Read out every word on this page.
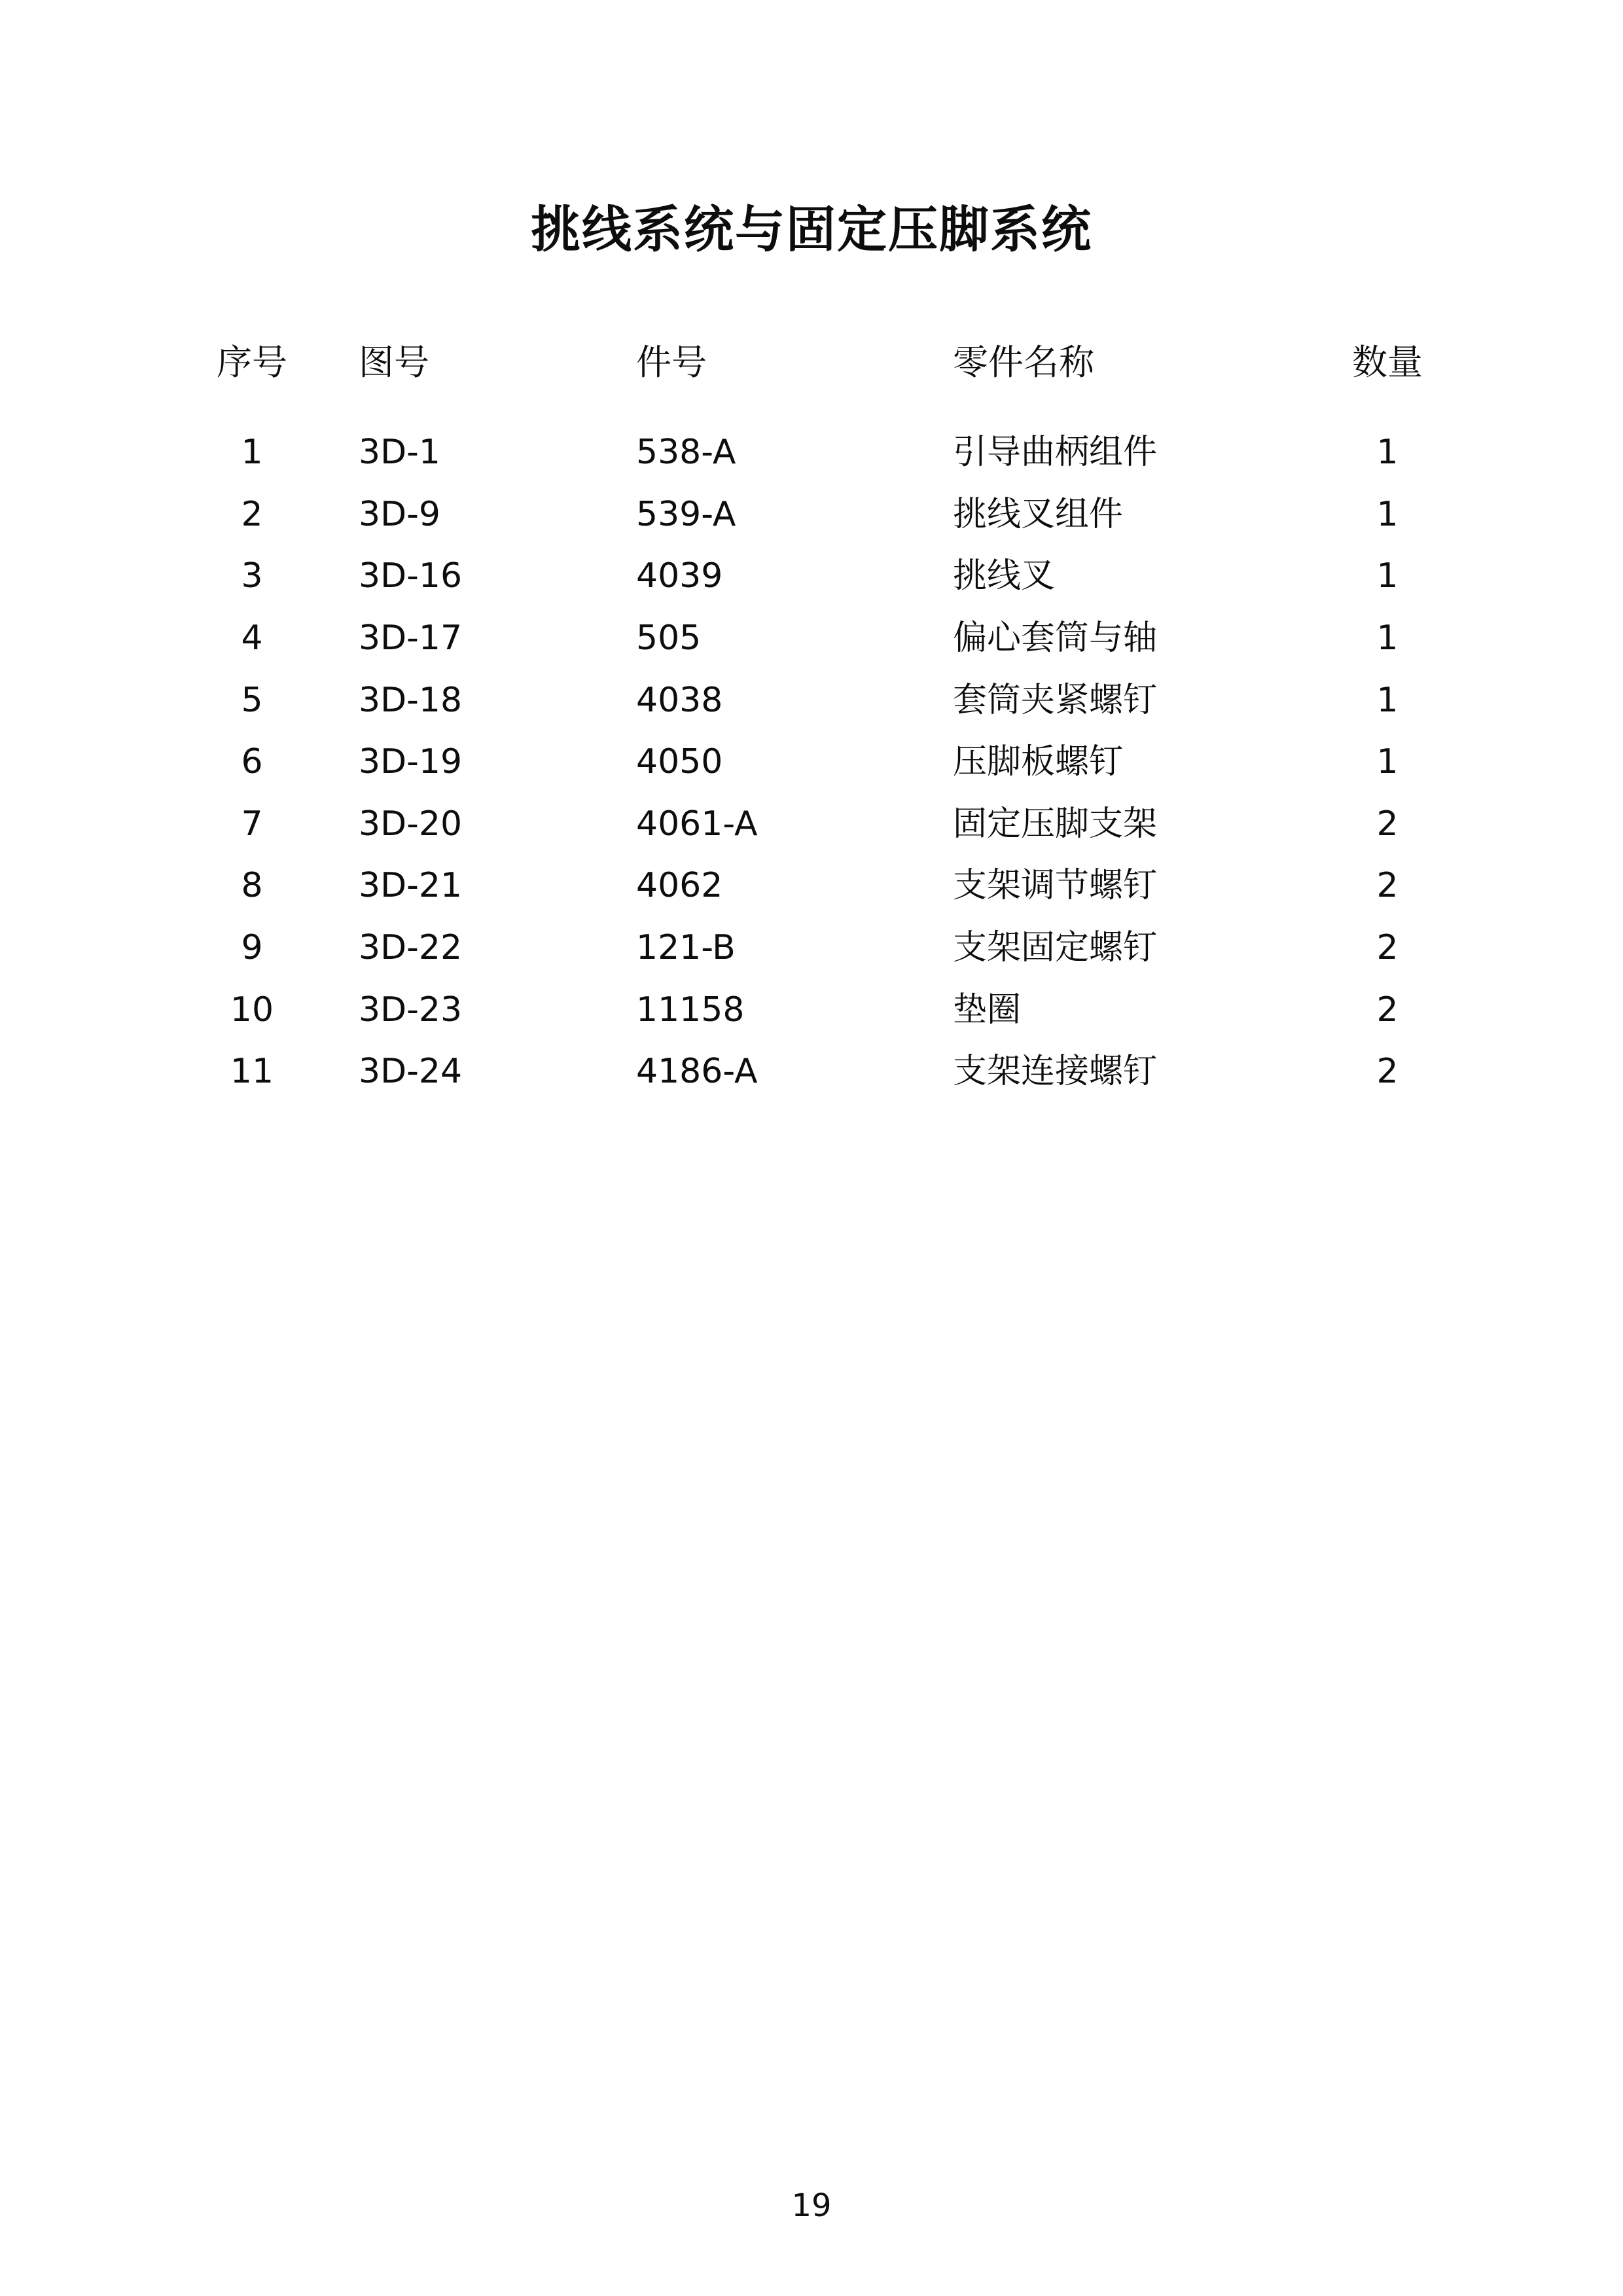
挑线系统与固定压脚系统
序号	图号	件号	零件名称	数量
1	3D-1	538-A	引导曲柄组件	1
2	3D-9	539-A	挑线叉组件	1
3	3D-16	4039	挑线叉	1
4	3D-17	505	偏心套筒与轴	1
5	3D-18	4038	套筒夹紧螺钉	1
6	3D-19	4050	压脚板螺钉	1
7	3D-20	4061-A	固定压脚支架	2
8	3D-21	4062	支架调节螺钉	2
9	3D-22	121-B	支架固定螺钉	2
10	3D-23	11158	垫圈	2
11	3D-24	4186-A	支架连接螺钉	2
19
